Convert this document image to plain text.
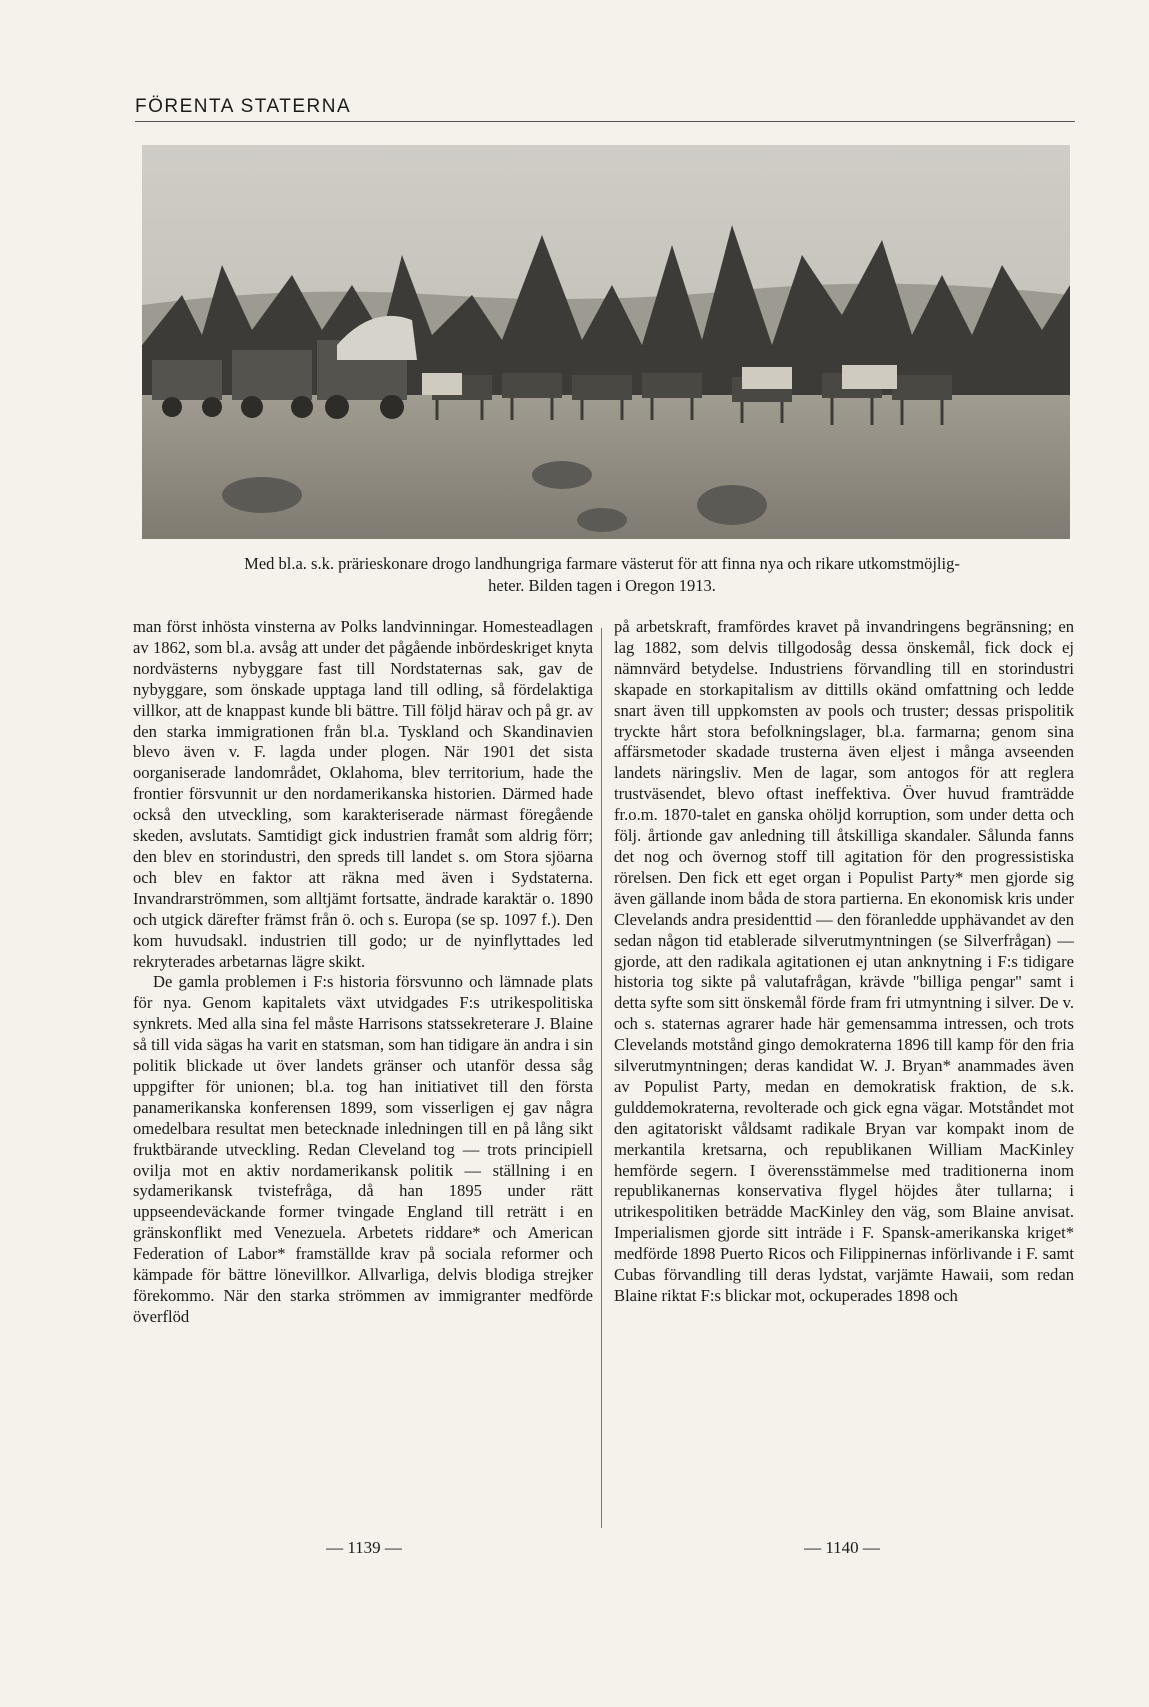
FÖRENTA STATERNA
Med bl.a. s.k. prärieskonare drogo landhungriga farmare västerut för att finna nya och rikare utkomstmöjlig-
heter. Bilden tagen i Oregon 1913.

man först inhösta vinsterna av Polks landvinningar. Homesteadlagen av 1862, som bl.a. avsåg att under det pågående inbördeskriget knyta nordvästerns nybyggare fast till Nordstaternas sak, gav de nybyggare, som önskade upptaga land till odling, så fördelaktiga villkor, att de knappast kunde bli bättre. Till följd härav och på gr. av den starka immigrationen från bl.a. Tyskland och Skandinavien blevo även v. F. lagda under plogen. När 1901 det sista oorganiserade landområdet, Oklahoma, blev territorium, hade the frontier försvunnit ur den nordamerikanska historien. Därmed hade också den utveckling, som karakteriserade närmast föregående skeden, avslutats. Samtidigt gick industrien framåt som aldrig förr; den blev en storindustri, den spreds till landet s. om Stora sjöarna och blev en faktor att räkna med även i Sydstaterna. Invandrarströmmen, som alltjämt fortsatte, ändrade karaktär o. 1890 och utgick därefter främst från ö. och s. Europa (se sp. 1097 f.). Den kom huvudsakl. industrien till godo; ur de nyinflyttades led rekryterades arbetarnas lägre skikt.

De gamla problemen i F:s historia försvunno och lämnade plats för nya. Genom kapitalets växt utvidgades F:s utrikespolitiska synkrets. Med alla sina fel måste Harrisons statssekreterare J. Blaine så till vida sägas ha varit en statsman, som han tidigare än andra i sin politik blickade ut över landets gränser och utanför dessa såg uppgifter för unionen; bl.a. tog han initiativet till den första panamerikanska konferensen 1899, som visserligen ej gav några omedelbara resultat men betecknade inledningen till en på lång sikt fruktbärande utveckling. Redan Cleveland tog — trots principiell ovilja mot en aktiv nordamerikansk politik — ställning i en sydamerikansk tvistefråga, då han 1895 under rätt uppseendeväckande former tvingade England till reträtt i en gränskonflikt med Venezuela. Arbetets riddare* och American Federation of Labor* framställde krav på sociala reformer och kämpade för bättre lönevillkor. Allvarliga, delvis blodiga strejker förekommo. När den starka strömmen av immigranter medförde överflöd

på arbetskraft, framfördes kravet på invandringens begränsning; en lag 1882, som delvis tillgodosåg dessa önskemål, fick dock ej nämnvärd betydelse. Industriens förvandling till en storindustri skapade en storkapitalism av dittills okänd omfattning och ledde snart även till uppkomsten av pools och truster; dessas prispolitik tryckte hårt stora befolkningslager, bl.a. farmarna; genom sina affärsmetoder skadade trusterna även eljest i många avseenden landets näringsliv. Men de lagar, som antogos för att reglera trustväsendet, blevo oftast ineffektiva. Över huvud framträdde fr.o.m. 1870-talet en ganska ohöljd korruption, som under detta och följ. årtionde gav anledning till åtskilliga skandaler. Sålunda fanns det nog och övernog stoff till agitation för den progressistiska rörelsen. Den fick ett eget organ i Populist Party* men gjorde sig även gällande inom båda de stora partierna. En ekonomisk kris under Clevelands andra presidenttid — den föranledde upphävandet av den sedan någon tid etablerade silverutmyntningen (se Silverfrågan) — gjorde, att den radikala agitationen ej utan anknytning i F:s tidigare historia tog sikte på valutafrågan, krävde "billiga pengar" samt i detta syfte som sitt önskemål förde fram fri utmyntning i silver. De v. och s. staternas agrarer hade här gemensamma intressen, och trots Clevelands motstånd gingo demokraterna 1896 till kamp för den fria silverutmyntningen; deras kandidat W. J. Bryan* anammades även av Populist Party, medan en demokratisk fraktion, de s.k. gulddemokraterna, revolterade och gick egna vägar. Motståndet mot den agitatoriskt våldsamt radikale Bryan var kompakt inom de merkantila kretsarna, och republikanen William MacKinley hemförde segern. I överensstämmelse med traditionerna inom republikanernas konservativa flygel höjdes åter tullarna; i utrikespolitiken beträdde MacKinley den väg, som Blaine anvisat. Imperialismen gjorde sitt inträde i F. Spansk-amerikanska kriget* medförde 1898 Puerto Ricos och Filippinernas införlivande i F. samt Cubas förvandling till deras lydstat, varjämte Hawaii, som redan Blaine riktat F:s blickar mot, ockuperades 1898 och

— 1139 —	— 1140 —
